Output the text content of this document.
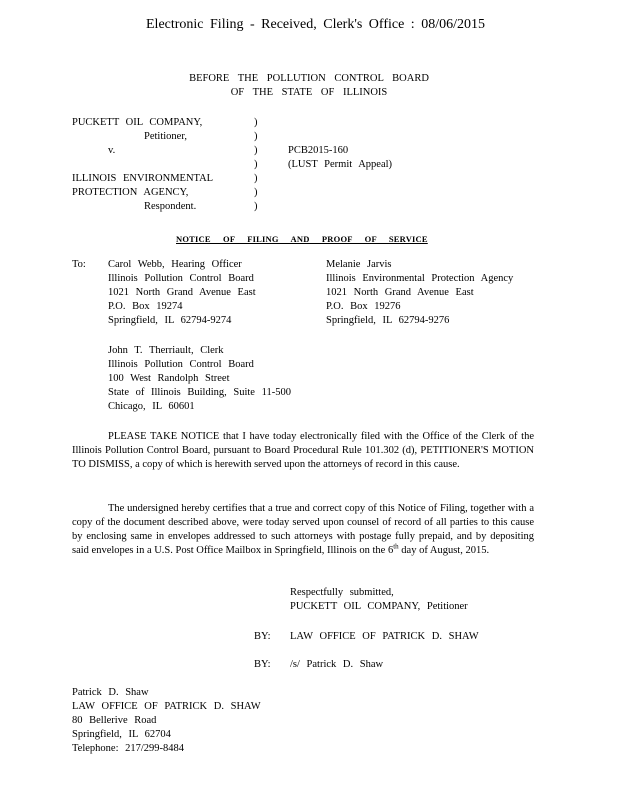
Electronic Filing - Received, Clerk's Office : 08/06/2015
BEFORE THE POLLUTION CONTROL BOARD
OF THE STATE OF ILLINOIS
PUCKETT OIL COMPANY,
Petitioner,
v.
ILLINOIS ENVIRONMENTAL
PROTECTION AGENCY,
Respondent.
)
)
)
)
)
)
)
PCB2015-160
(LUST Permit Appeal)
NOTICE OF FILING AND PROOF OF SERVICE
To: Carol Webb, Hearing Officer
Illinois Pollution Control Board
1021 North Grand Avenue East
P.O. Box 19274
Springfield, IL 62794-9274
Melanie Jarvis
Illinois Environmental Protection Agency
1021 North Grand Avenue East
P.O. Box 19276
Springfield, IL 62794-9276
John T. Therriault, Clerk
Illinois Pollution Control Board
100 West Randolph Street
State of Illinois Building, Suite 11-500
Chicago, IL 60601
PLEASE TAKE NOTICE that I have today electronically filed with the Office of the Clerk of the Illinois Pollution Control Board, pursuant to Board Procedural Rule 101.302 (d), PETITIONER'S MOTION TO DISMISS, a copy of which is herewith served upon the attorneys of record in this cause.
The undersigned hereby certifies that a true and correct copy of this Notice of Filing, together with a copy of the document described above, were today served upon counsel of record of all parties to this cause by enclosing same in envelopes addressed to such attorneys with postage fully prepaid, and by depositing said envelopes in a U.S. Post Office Mailbox in Springfield, Illinois on the 6th day of August, 2015.
Respectfully submitted,
PUCKETT OIL COMPANY, Petitioner
BY: LAW OFFICE OF PATRICK D. SHAW
BY: /s/ Patrick D. Shaw
Patrick D. Shaw
LAW OFFICE OF PATRICK D. SHAW
80 Bellerive Road
Springfield, IL 62704
Telephone: 217/299-8484
